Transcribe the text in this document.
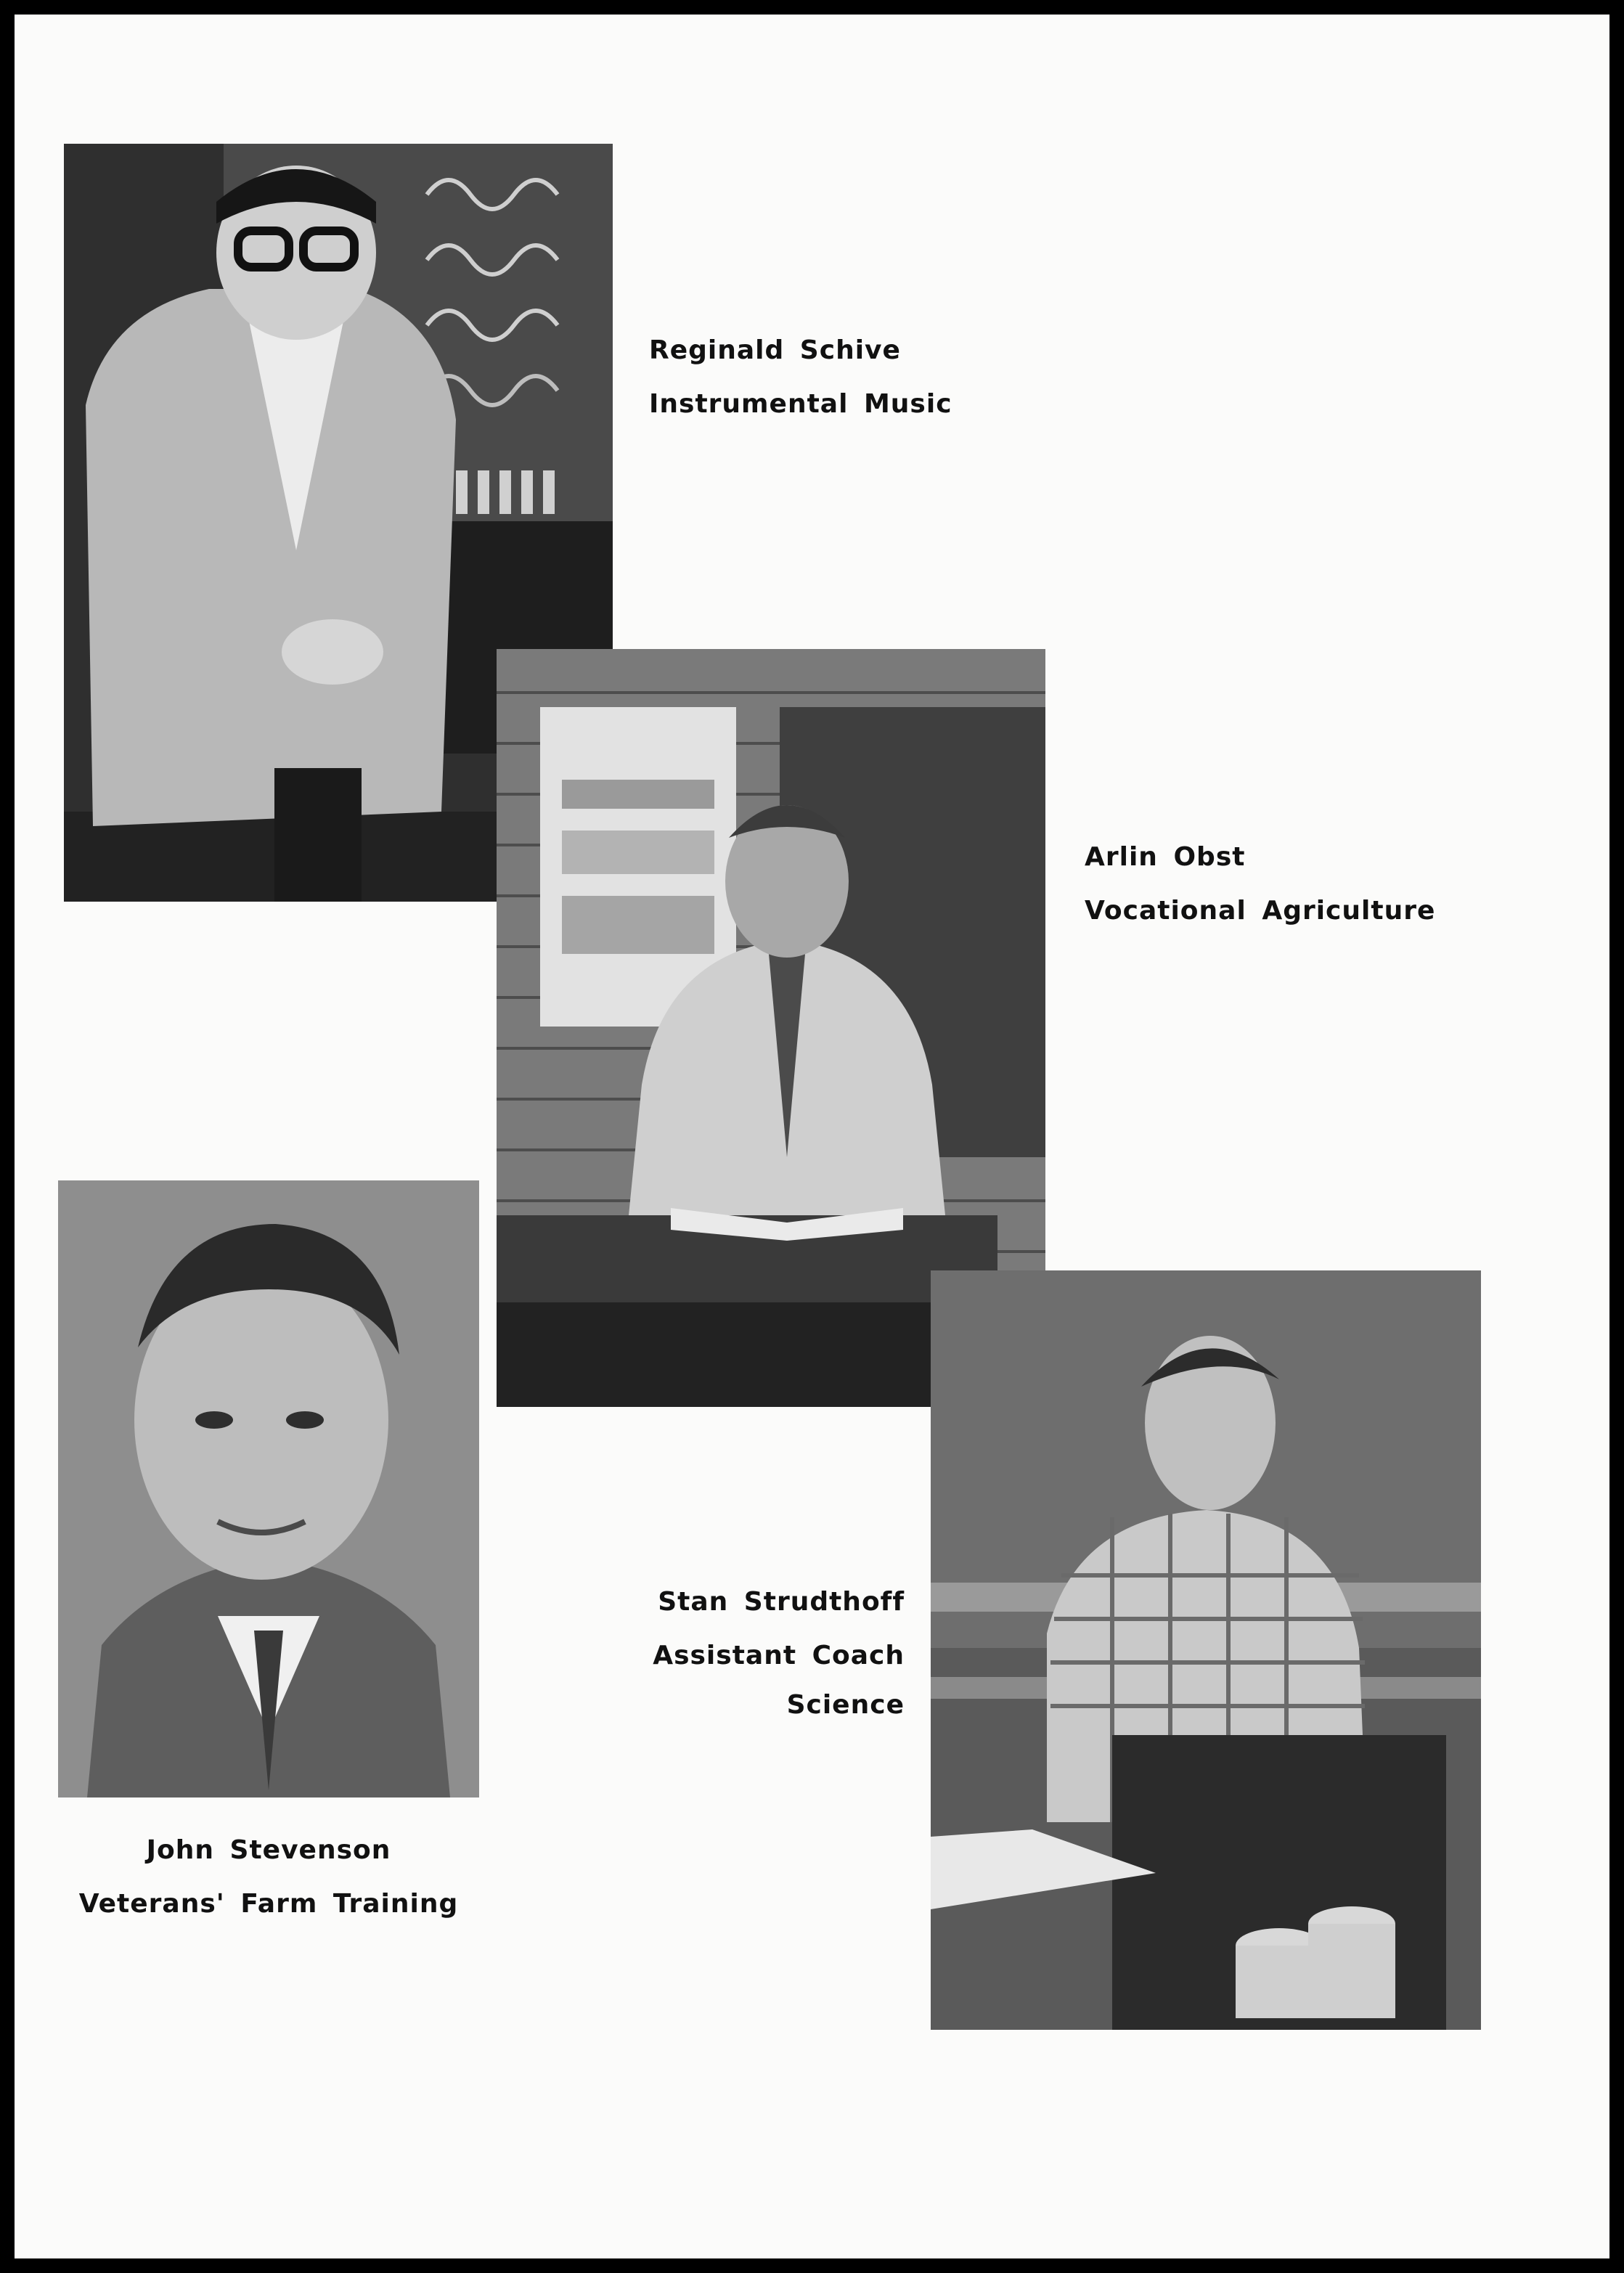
Reginald Schive
Instrumental Music
Arlin Obst
Vocational Agriculture
John Stevenson
Veterans' Farm Training
Stan Strudthoff
Assistant Coach
Science
